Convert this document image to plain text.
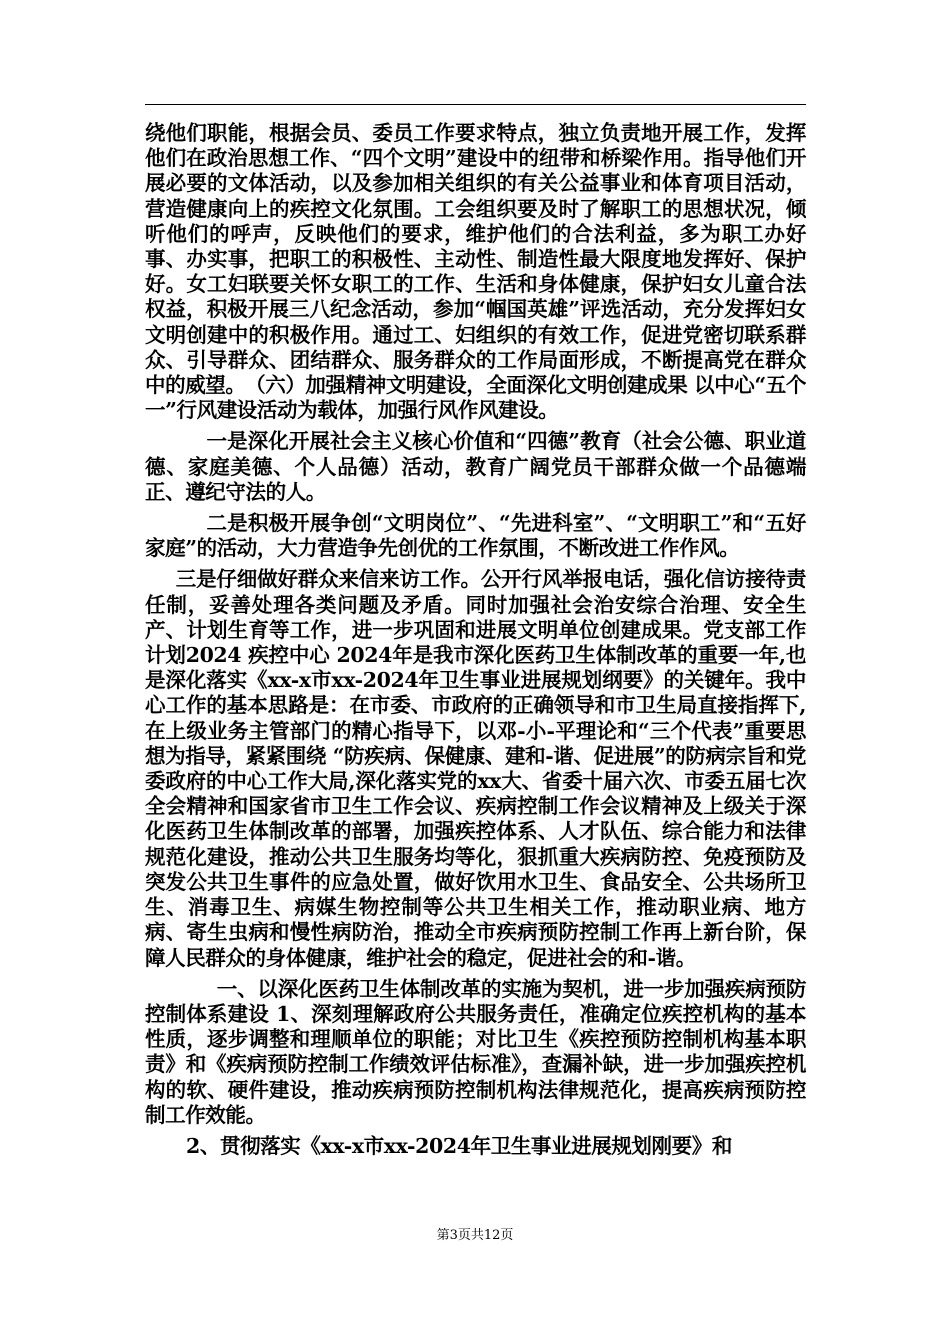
绕他们职能，根据会员、委员工作要求特点，独立负责地开展工作，发挥他们在政治思想工作、“四个文明”建设中的纽带和桥梁作用。指导他们开展必要的文体活动，以及参加相关组织的有关公益事业和体育项目活动，营造健康向上的疾控文化氛围。工会组织要及时了解职工的思想状况，倾听他们的呼声，反映他们的要求，维护他们的合法利益，多为职工办好事、办实事，把职工的积极性、主动性、制造性最大限度地发挥好、保护好。女工妇联要关怀女职工的工作、生活和身体健康，保护妇女儿童合法权益，积极开展三八纪念活动，参加“帼国英雄”评选活动，充分发挥妇女文明创建中的积极作用。通过工、妇组织的有效工作，促进党密切联系群众、引导群众、团结群众、服务群众的工作局面形成，不断提高党在群众中的威望。　（六）加强精神文明建设，全面深化文明创建成果 以中心“五个一”行风建设活动为载体，加强行风作风建设。

一是深化开展社会主义核心价值和“四德”教育（社会公德、职业道德、家庭美德、个人品德）活动，教育广阔党员干部群众做一个品德端正、遵纪守法的人。

二是积极开展争创“文明岗位”、“先进科室”、“文明职工”和“五好家庭”的活动，大力营造争先创优的工作氛围，不断改进工作作风。

三是仔细做好群众来信来访工作。公开行风举报电话，强化信访接待责任制，妥善处理各类问题及矛盾。同时加强社会治安综合治理、安全生产、计划生育等工作，进一步巩固和进展文明单位创建成果。党支部工作计划2024 疾控中心 2024年是我市深化医药卫生体制改革的重要一年,也是深化落实《xx-x市xx-2024年卫生事业进展规划纲要》的关键年。我中心工作的基本思路是：在市委、市政府的正确领导和市卫生局直接指挥下,在上级业务主管部门的精心指导下，以邓-小-平理论和“三个代表”重要思想为指导，紧紧围绕 “防疾病、保健康、建和-谐、促进展”的防病宗旨和党委政府的中心工作大局,深化落实党的xx大、省委十届六次、市委五届七次全会精神和国家省市卫生工作会议、疾病控制工作会议精神及上级关于深化医药卫生体制改革的部署，加强疾控体系、人才队伍、综合能力和法律规范化建设，推动公共卫生服务均等化，狠抓重大疾病防控、免疫预防及突发公共卫生事件的应急处置，做好饮用水卫生、食品安全、公共场所卫生、消毒卫生、病媒生物控制等公共卫生相关工作，推动职业病、地方病、寄生虫病和慢性病防治，推动全市疾病预防控制工作再上新台阶，保障人民群众的身体健康，维护社会的稳定，促进社会的和-谐。

一、以深化医药卫生体制改革的实施为契机，进一步加强疾病预防控制体系建设 1、深刻理解政府公共服务责任，准确定位疾控机构的基本性质，逐步调整和理顺单位的职能；对比卫生《疾控预防控制机构基本职责》和《疾病预防控制工作绩效评估标准》，查漏补缺，进一步加强疾控机构的软、硬件建设，推动疾病预防控制机构法律规范化，提高疾病预防控制工作效能。

2、贯彻落实《xx-x市xx-2024年卫生事业进展规划刚要》和

第3页共12页
